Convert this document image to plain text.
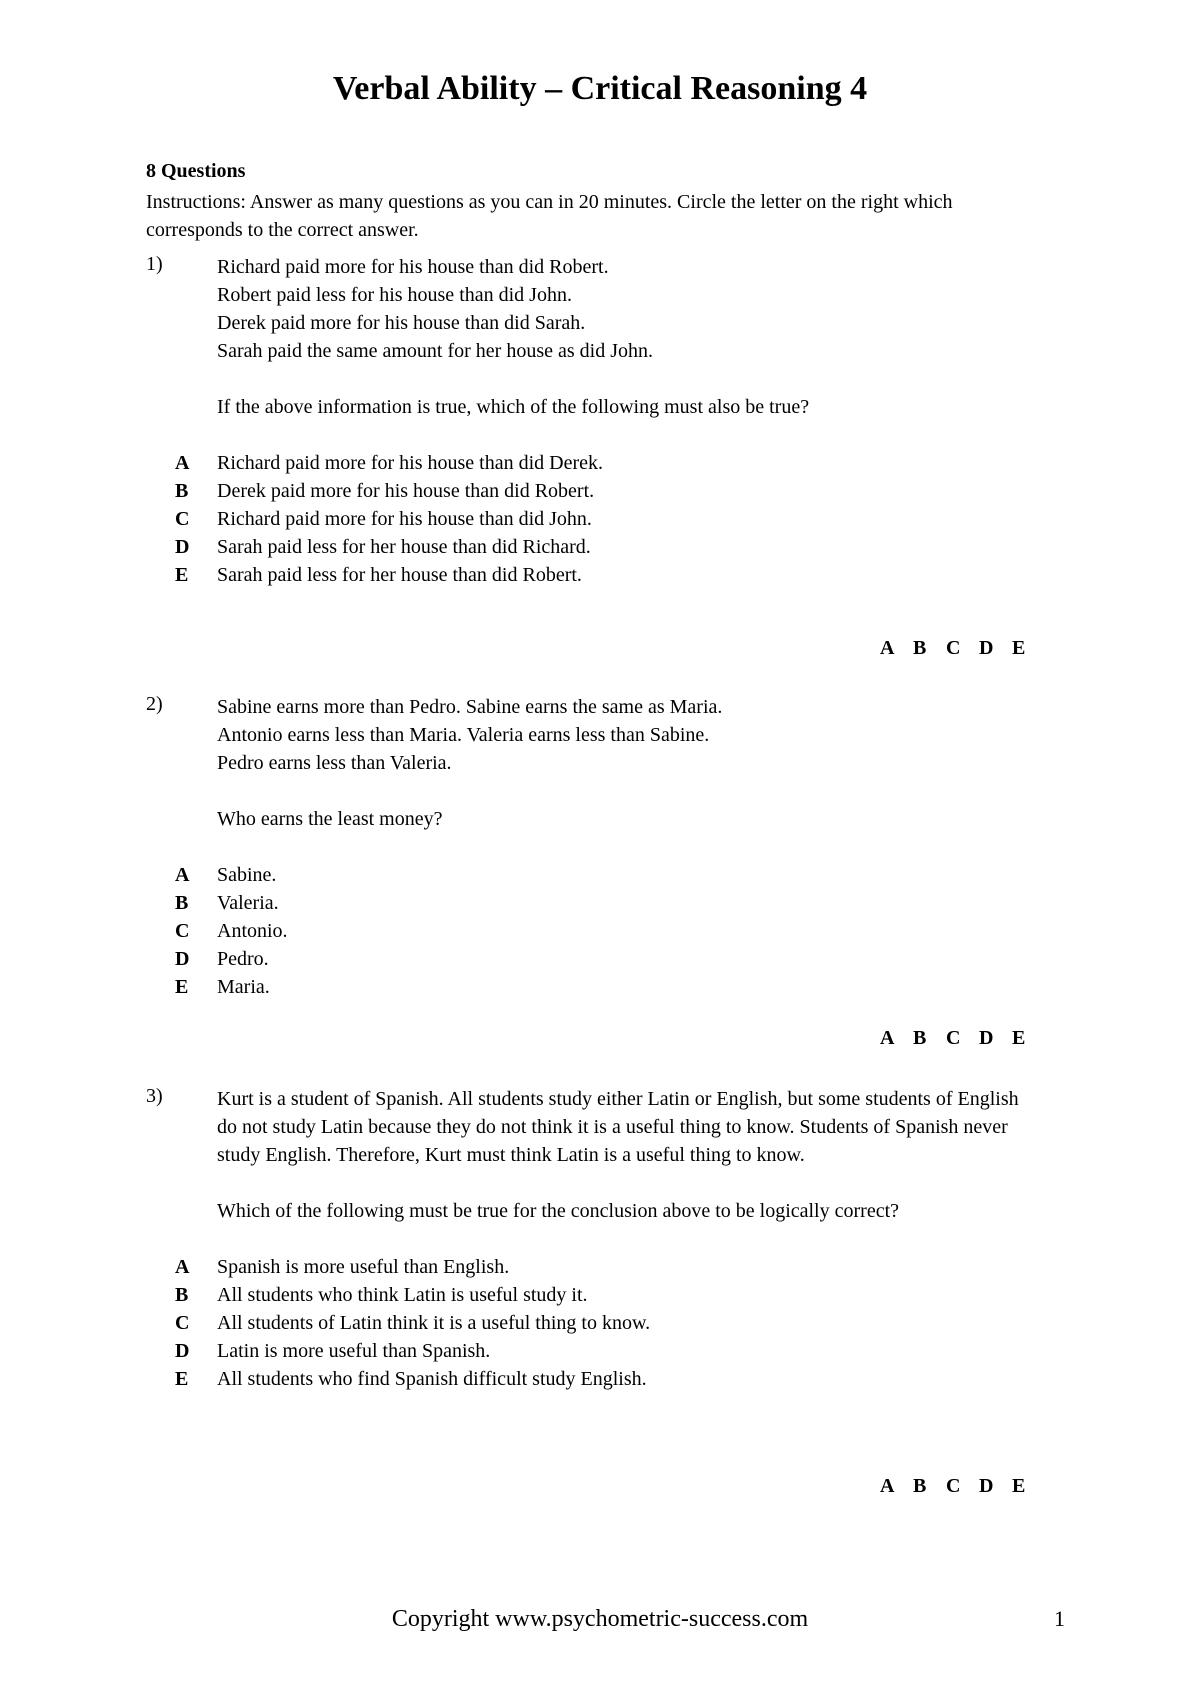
Verbal Ability – Critical Reasoning 4
8 Questions
Instructions: Answer as many questions as you can in 20 minutes. Circle the letter on the right which corresponds to the correct answer.
1)	Richard paid more for his house than did Robert.
Robert paid less for his house than did John.
Derek paid more for his house than did Sarah.
Sarah paid the same amount for her house as did John.
If the above information is true, which of the following must also be true?
A Richard paid more for his house than did Derek.
B Derek paid more for his house than did Robert.
C Richard paid more for his house than did John.
D Sarah paid less for her house than did Richard.
E Sarah paid less for her house than did Robert.
A B C D E
2)	Sabine earns more than Pedro. Sabine earns the same as Maria.
Antonio earns less than Maria. Valeria earns less than Sabine.
Pedro earns less than Valeria.
Who earns the least money?
A Sabine.
B Valeria.
C Antonio.
D Pedro.
E Maria.
A B C D E
3)	Kurt is a student of Spanish. All students study either Latin or English, but some students of English do not study Latin because they do not think it is a useful thing to know. Students of Spanish never study English. Therefore, Kurt must think Latin is a useful thing to know.
Which of the following must be true for the conclusion above to be logically correct?
A Spanish is more useful than English.
B All students who think Latin is useful study it.
C All students of Latin think it is a useful thing to know.
D Latin is more useful than Spanish.
E All students who find Spanish difficult study English.
A B C D E
Copyright www.psychometric-success.com	1
